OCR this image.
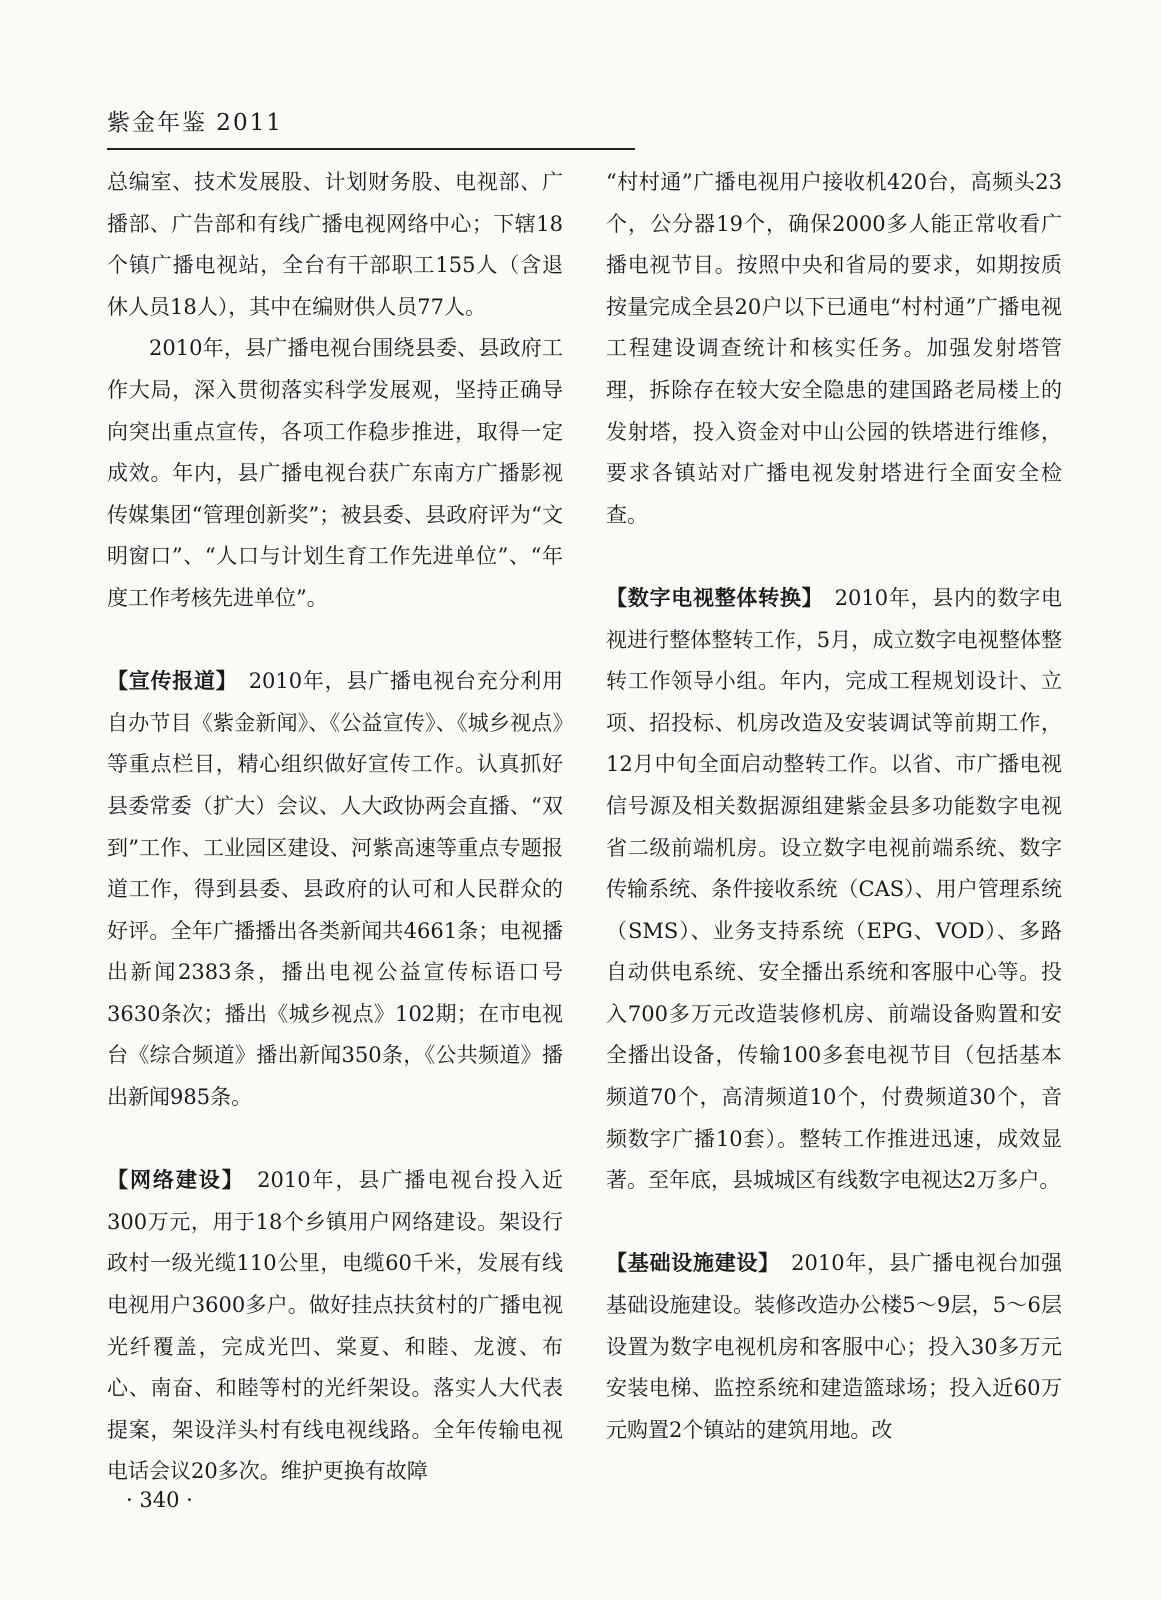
紫金年鉴 2011

总编室、技术发展股、计划财务股、电视部、广播部、广告部和有线广播电视网络中心；下辖18个镇广播电视站，全台有干部职工155人（含退休人员18人），其中在编财供人员77人。

2010年，县广播电视台围绕县委、县政府工作大局，深入贯彻落实科学发展观，坚持正确导向突出重点宣传，各项工作稳步推进，取得一定成效。年内，县广播电视台获广东南方广播影视传媒集团“管理创新奖”；被县委、县政府评为“文明窗口”、“人口与计划生育工作先进单位”、“年度工作考核先进单位”。

【宣传报道】　 2010年，县广播电视台充分利用自办节目《紫金新闻》、《公益宣传》、《城乡视点》等重点栏目，精心组织做好宣传工作。认真抓好县委常委（扩大）会议、人大政协两会直播、“双到”工作、工业园区建设、河紫高速等重点专题报道工作，得到县委、县政府的认可和人民群众的好评。全年广播播出各类新闻共4661条；电视播出新闻2383条，播出电视公益宣传标语口号3630条次；播出《城乡视点》102期；在市电视台《综合频道》播出新闻350条，《公共频道》播出新闻985条。

【网络建设】　 2010年，县广播电视台投入近300万元，用于18个乡镇用户网络建设。架设行政村一级光缆110公里，电缆60千米，发展有线电视用户3600多户。做好挂点扶贫村的广播电视光纤覆盖，完成光凹、棠夏、和睦、龙渡、布心、南奋、和睦等村的光纤架设。落实人大代表提案，架设洋头村有线电视线路。全年传输电视电话会议20多次。维护更换有故障

“村村通”广播电视用户接收机420台，高频头23个，公分器19个，确保2000多人能正常收看广播电视节目。按照中央和省局的要求，如期按质按量完成全县20户以下已通电“村村通”广播电视工程建设调查统计和核实任务。加强发射塔管理，拆除存在较大安全隐患的建国路老局楼上的发射塔，投入资金对中山公园的铁塔进行维修，要求各镇站对广播电视发射塔进行全面安全检查。

【数字电视整体转换】　 2010年，县内的数字电视进行整体整转工作，5月，成立数字电视整体整转工作领导小组。年内，完成工程规划设计、立项、招投标、机房改造及安装调试等前期工作，12月中旬全面启动整转工作。以省、市广播电视信号源及相关数据源组建紫金县多功能数字电视省二级前端机房。设立数字电视前端系统、数字传输系统、条件接收系统（CAS）、用户管理系统（SMS）、业务支持系统（EPG、VOD）、多路自动供电系统、安全播出系统和客服中心等。投入700多万元改造装修机房、前端设备购置和安全播出设备，传输100多套电视节目（包括基本频道70个，高清频道10个，付费频道30个，音频数字广播10套）。整转工作推进迅速，成效显著。至年底，县城城区有线数字电视达2万多户。

【基础设施建设】　 2010年，县广播电视台加强基础设施建设。装修改造办公楼5～9层，5～6层设置为数字电视机房和客服中心；投入30多万元安装电梯、监控系统和建造篮球场；投入近60万元购置2个镇站的建筑用地。改

· 340 ·
